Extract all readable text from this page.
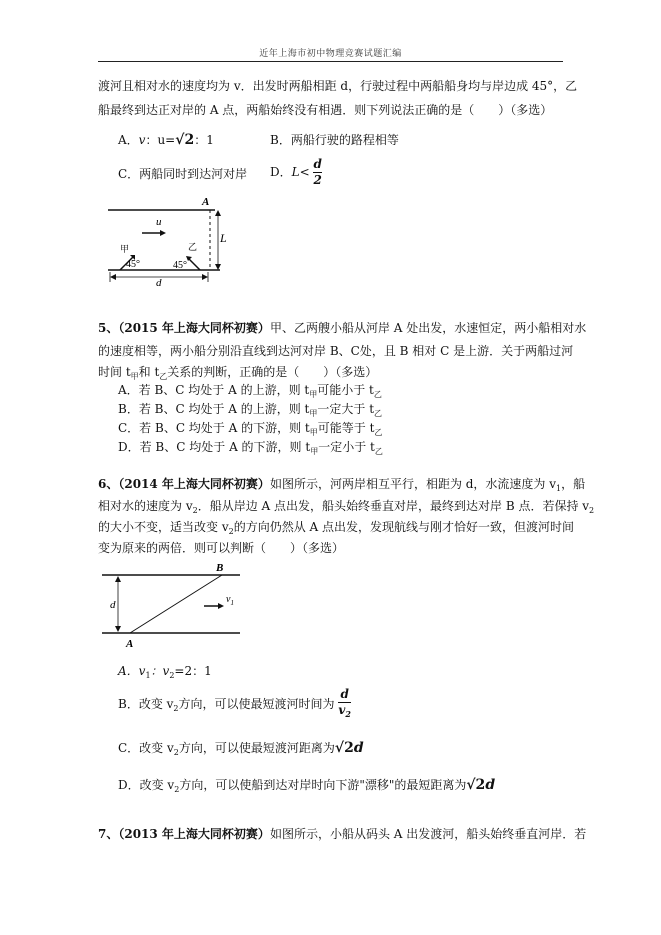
近年上海市初中物理竞赛试题汇编
渡河且相对水的速度均为 v．出发时两船相距 d，行驶过程中两船船身均与岸边成 45°，乙
船最终到达正对岸的 A 点，两船始终没有相遇．则下列说法正确的是（　　）（多选）
A．v：u=√2：1	B．两船行驶的路程相等
C．两船同时到达河对岸 D．$L< \frac{d}{2}$
A
u
L
甲
45°
乙
45°
d
5、（2015 年上海大同杯初赛）甲、乙两艘小船从河岸 A 处出发，水速恒定，两小船相对水
的速度相等，两小船分别沿直线到达河对岸 B、C处，且 B 相对 C 是上游．关于两船过河
时间 $t_甲$和 $t_乙$关系的判断，正确的是（　　）（多选）
A．若 B、C 均处于 A 的上游，则 $t_甲$可能小于 $t_乙$
B．若 B、C 均处于 A 的上游，则 $t_甲$一定大于 $t_乙$
C．若 B、C 均处于 A 的下游，则 $t_甲$可能等于 $t_乙$
D．若 B、C 均处于 A 的下游，则 $t_甲$一定小于 $t_乙$
6、（2014 年上海大同杯初赛）如图所示，河两岸相互平行，相距为 d，水流速度为 $v_1$，船
相对水的速度为 $v_2$．船从岸边 A 点出发，船头始终垂直对岸，最终到达对岸 B 点．若保持 $v_2$
的大小不变，适当改变 $v_2$的方向仍然从 A 点出发，发现航线与刚才恰好一致，但渡河时间
变为原来的两倍．则可以判断（　　）（多选）
B
A
d	$v_1$
A．$v_1$：$v_2=2$：1
B．改变 $v_2$方向，可以使最短渡河时间为 $\frac{d}{v_2}$
C．改变 $v_2$方向，可以使最短渡河距离为√2d
D．改变 $v_2$方向，可以使船到达对岸时向下游"漂移"的最短距离为√2d
7、（2013 年上海大同杯初赛）如图所示，小船从码头 A 出发渡河，船头始终垂直河岸．若
